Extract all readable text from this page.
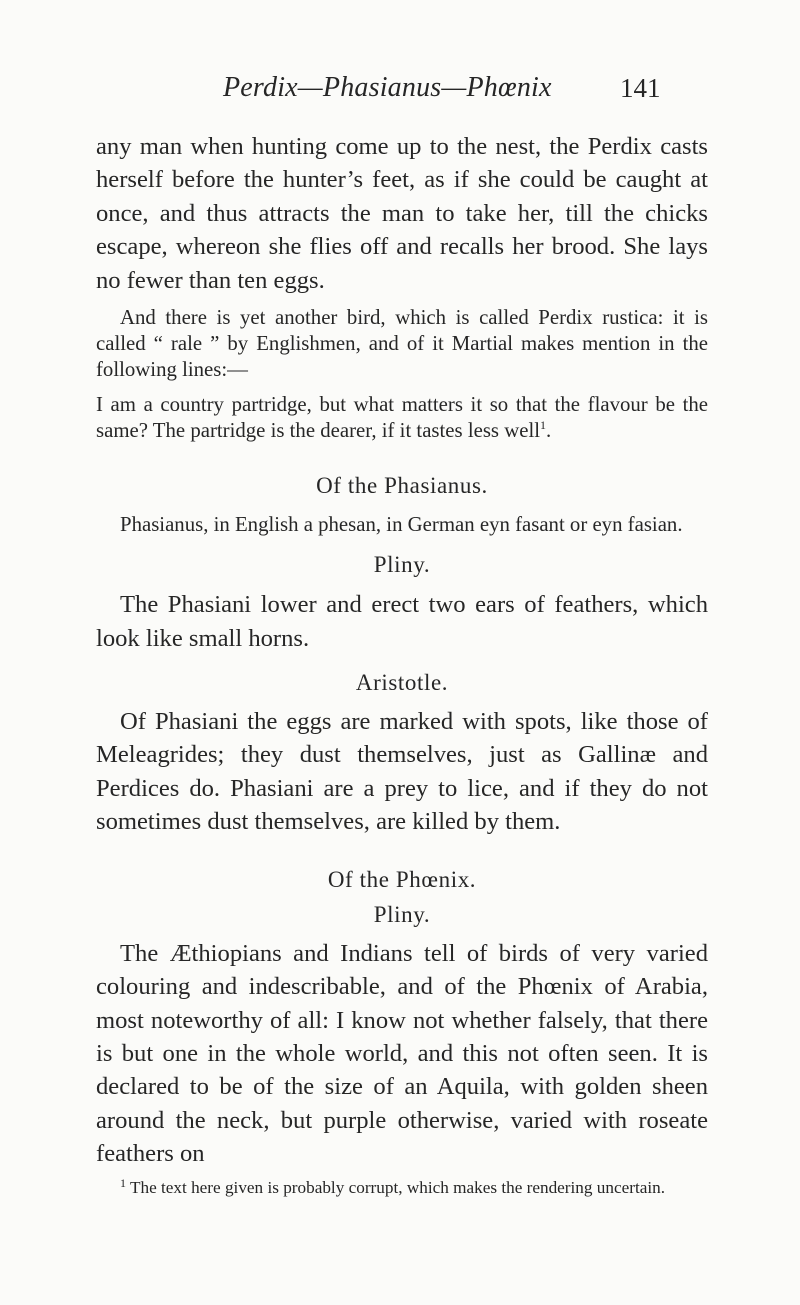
Perdix—Phasianus—Phœnix	141

any man when hunting come up to the nest, the Perdix casts herself before the hunter’s feet, as if she could be caught at once, and thus attracts the man to take her, till the chicks escape, whereon she flies off and recalls her brood. She lays no fewer than ten eggs.

And there is yet another bird, which is called Perdix rustica: it is called “ rale ” by Englishmen, and of it Martial makes mention in the following lines:—

I am a country partridge, but what matters it so that the flavour be the same? The partridge is the dearer, if it tastes less well$^1$.

Of the Phasianus.

Phasianus, in English a phesan, in German eyn fasant or eyn fasian.

Pliny.

The Phasiani lower and erect two ears of feathers, which look like small horns.

Aristotle.

Of Phasiani the eggs are marked with spots, like those of Meleagrides; they dust themselves, just as Gallinæ and Perdices do. Phasiani are a prey to lice, and if they do not sometimes dust themselves, are killed by them.

Of the Phœnix.
Pliny.

The Æthiopians and Indians tell of birds of very varied colouring and indescribable, and of the Phœnix of Arabia, most noteworthy of all: I know not whether falsely, that there is but one in the whole world, and this not often seen. It is declared to be of the size of an Aquila, with golden sheen around the neck, but purple otherwise, varied with roseate feathers on

$^1$ The text here given is probably corrupt, which makes the rendering uncertain.
